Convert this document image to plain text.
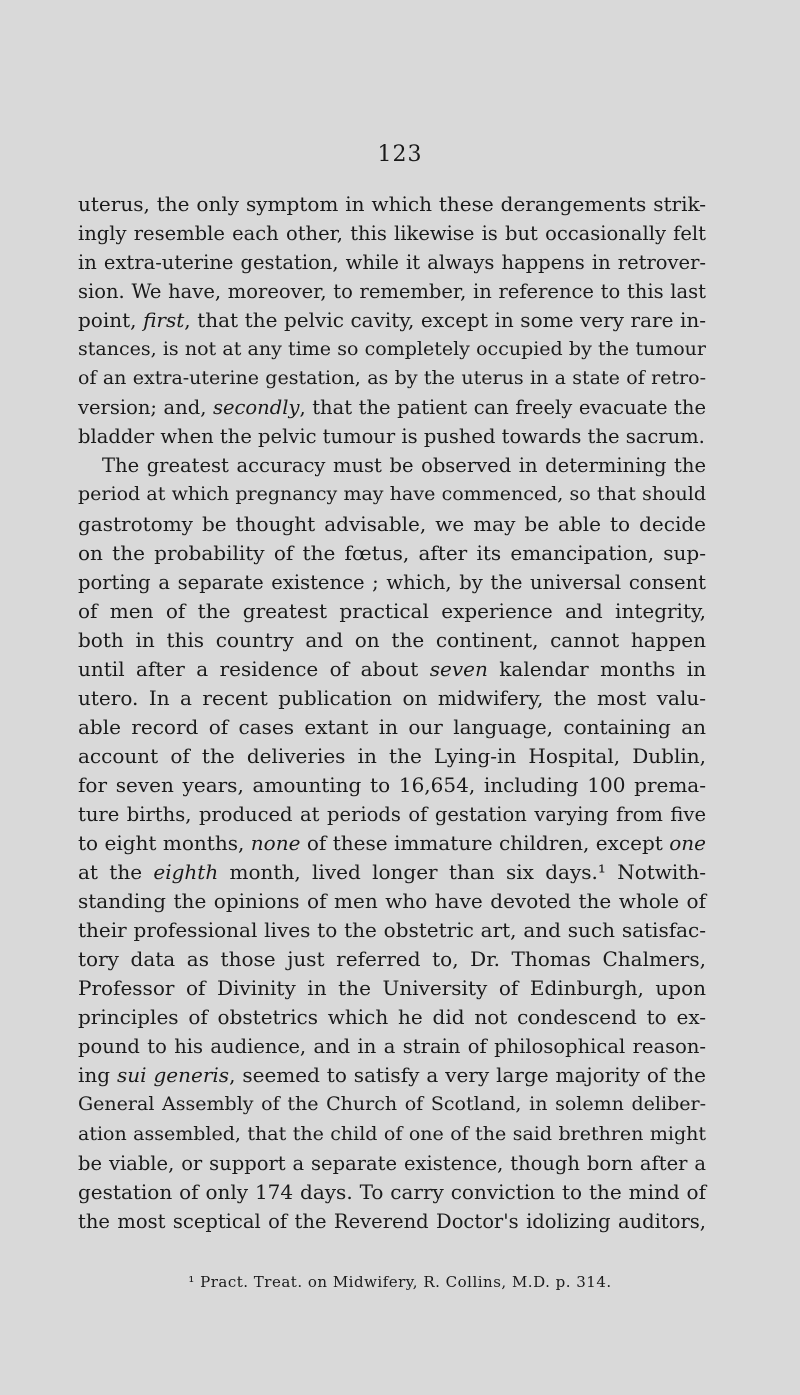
123
uterus, the only symptom in which these derangements strik-
ingly resemble each other, this likewise is but occasionally felt
in extra-uterine gestation, while it always happens in retrover-
sion. We have, moreover, to remember, in reference to this last
point, first, that the pelvic cavity, except in some very rare in-
stances, is not at any time so completely occupied by the tumour
of an extra-uterine gestation, as by the uterus in a state of retro-
version; and, secondly, that the patient can freely evacuate the
bladder when the pelvic tumour is pushed towards the sacrum.
The greatest accuracy must be observed in determining the
period at which pregnancy may have commenced, so that should
gastrotomy be thought advisable, we may be able to decide
on the probability of the fœtus, after its emancipation, sup-
porting a separate existence ; which, by the universal consent
of men of the greatest practical experience and integrity,
both in this country and on the continent, cannot happen
until after a residence of about seven kalendar months in
utero. In a recent publication on midwifery, the most valu-
able record of cases extant in our language, containing an
account of the deliveries in the Lying-in Hospital, Dublin,
for seven years, amounting to 16,654, including 100 prema-
ture births, produced at periods of gestation varying from five
to eight months, none of these immature children, except one
at the eighth month, lived longer than six days.¹ Notwith-
standing the opinions of men who have devoted the whole of
their professional lives to the obstetric art, and such satisfac-
tory data as those just referred to, Dr. Thomas Chalmers,
Professor of Divinity in the University of Edinburgh, upon
principles of obstetrics which he did not condescend to ex-
pound to his audience, and in a strain of philosophical reason-
ing sui generis, seemed to satisfy a very large majority of the
General Assembly of the Church of Scotland, in solemn deliber-
ation assembled, that the child of one of the said brethren might
be viable, or support a separate existence, though born after a
gestation of only 174 days. To carry conviction to the mind of
the most sceptical of the Reverend Doctor's idolizing auditors,
¹ Pract. Treat. on Midwifery, R. Collins, M.D. p. 314.
